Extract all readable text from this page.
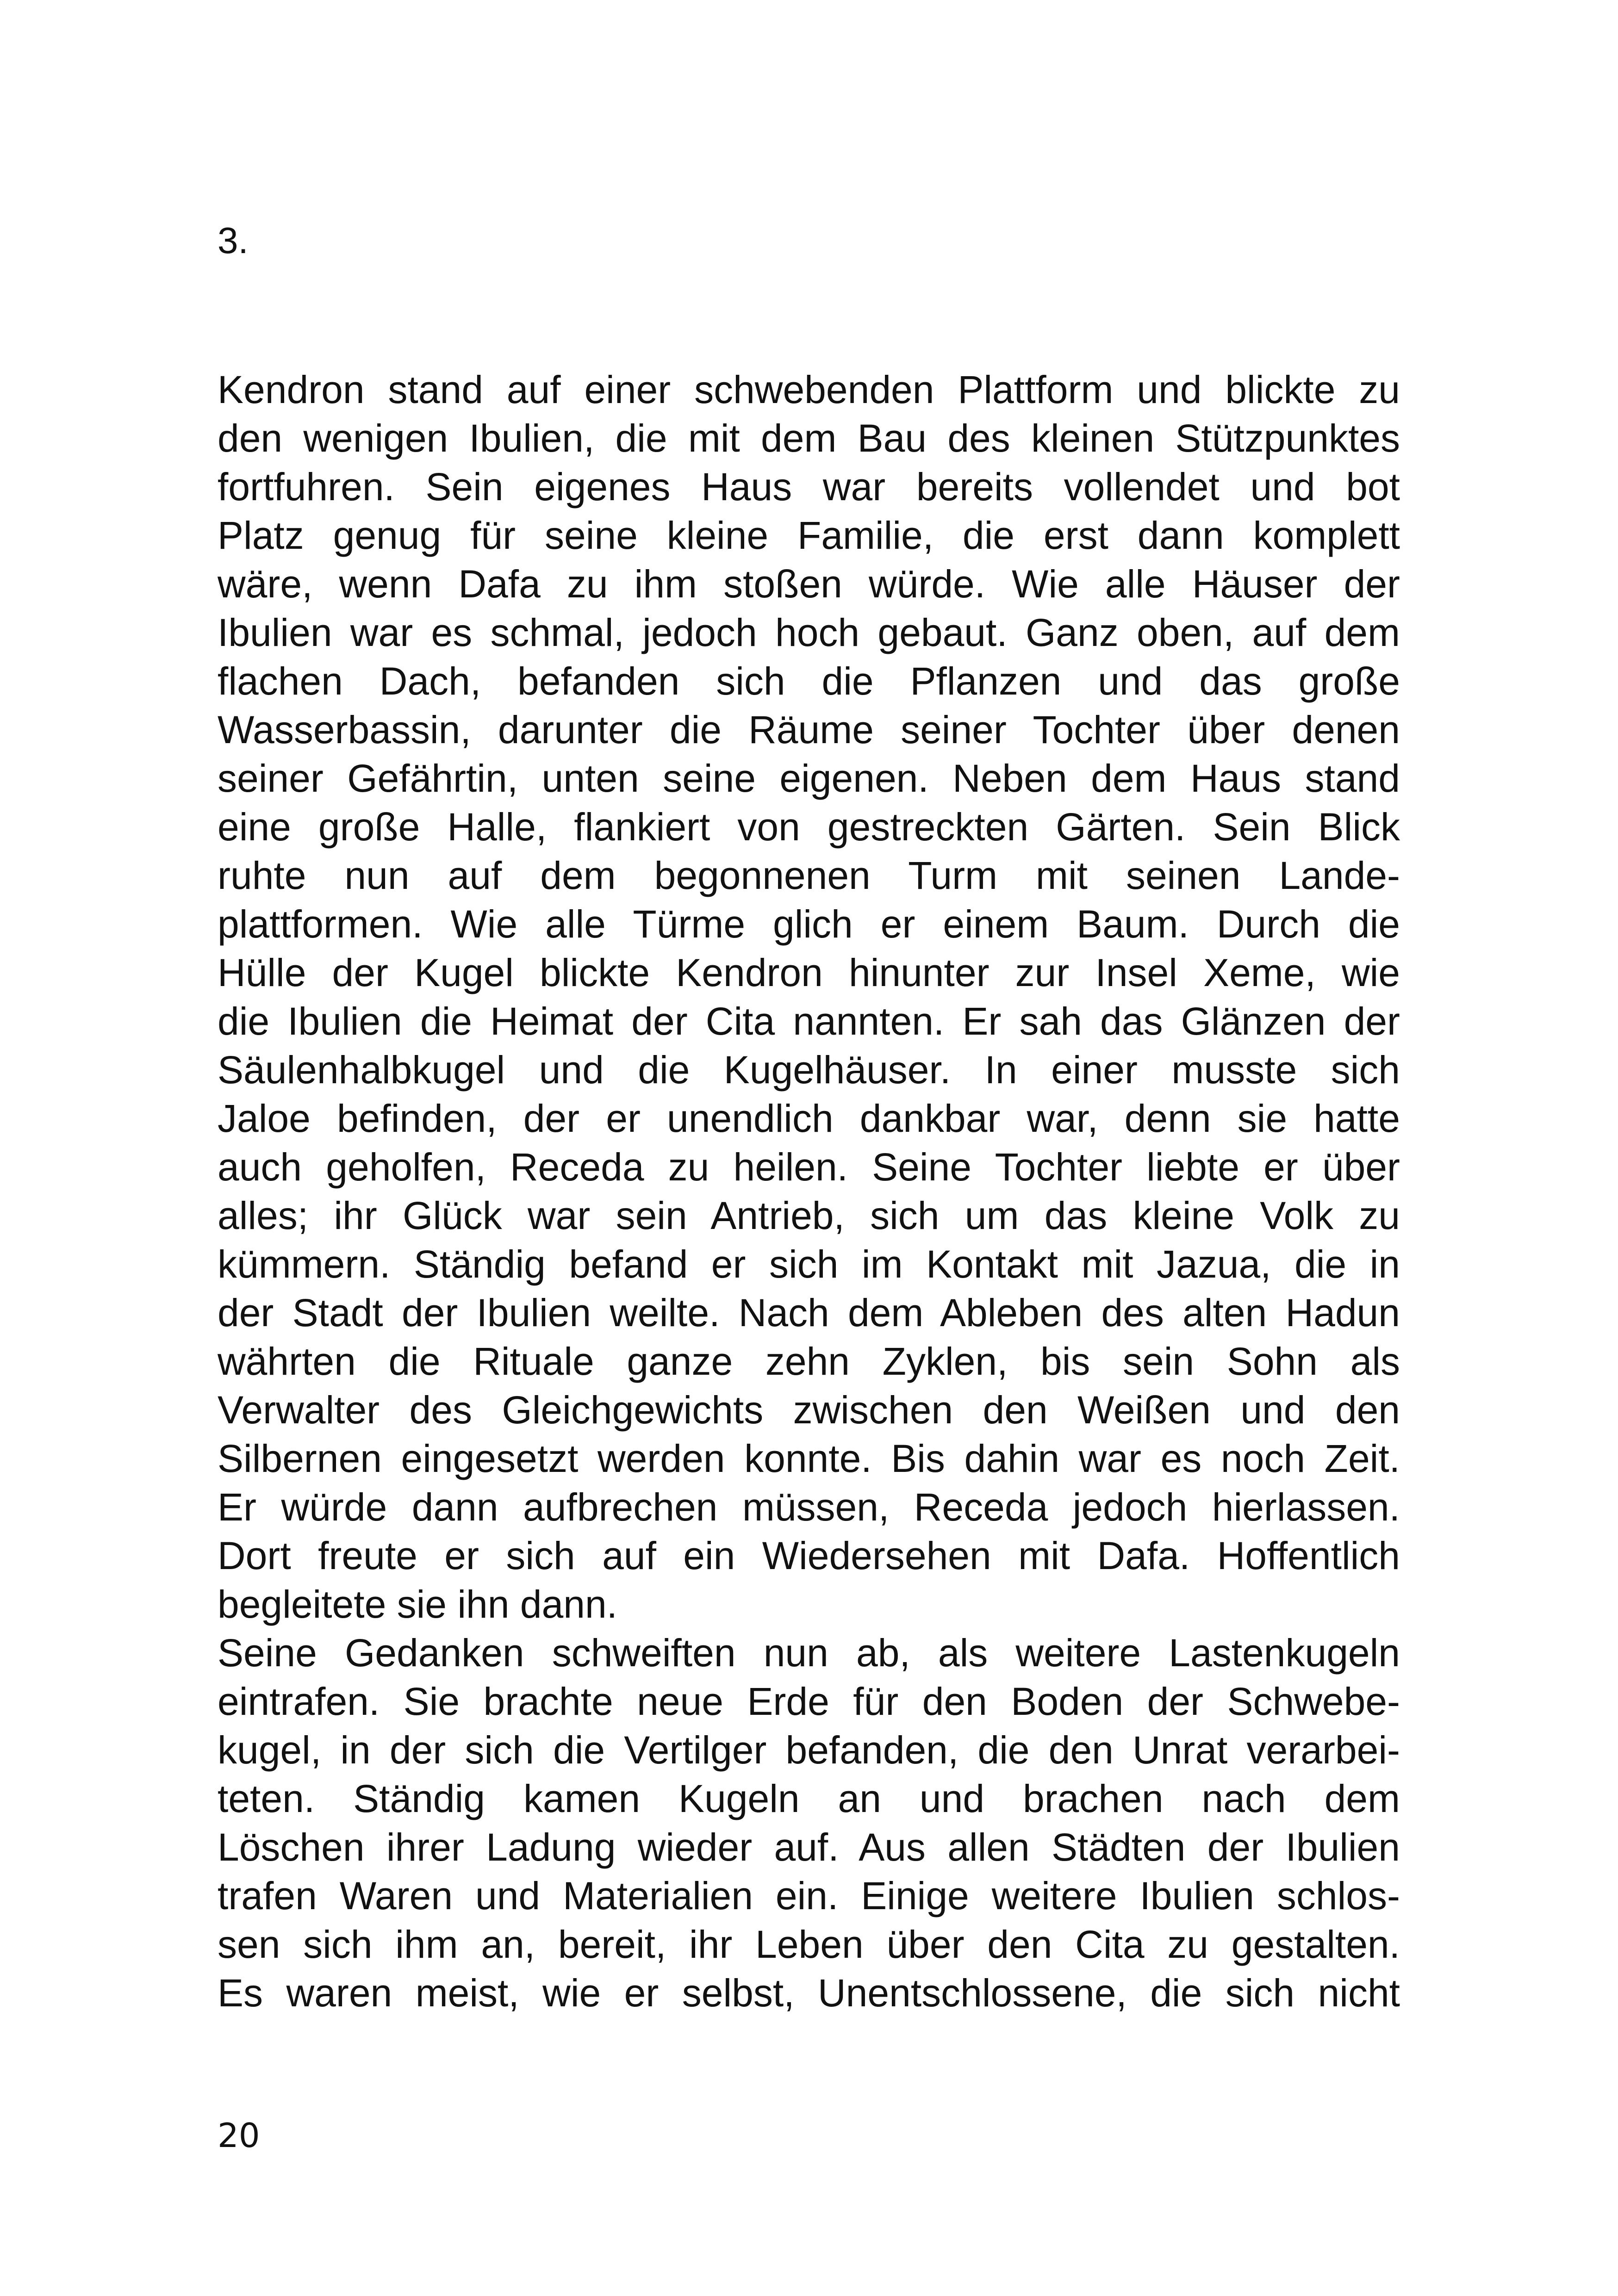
3.

Kendron stand auf einer schwebenden Plattform und blickte zu
den wenigen Ibulien, die mit dem Bau des kleinen Stützpunktes
fortfuhren. Sein eigenes Haus war bereits vollendet und bot
Platz genug für seine kleine Familie, die erst dann komplett
wäre, wenn Dafa zu ihm stoßen würde. Wie alle Häuser der
Ibulien war es schmal, jedoch hoch gebaut. Ganz oben, auf dem
flachen Dach, befanden sich die Pflanzen und das große
Wasserbassin, darunter die Räume seiner Tochter über denen
seiner Gefährtin, unten seine eigenen. Neben dem Haus stand
eine große Halle, flankiert von gestreckten Gärten. Sein Blick
ruhte nun auf dem begonnenen Turm mit seinen Lande-
plattformen. Wie alle Türme glich er einem Baum. Durch die
Hülle der Kugel blickte Kendron hinunter zur Insel Xeme, wie
die Ibulien die Heimat der Cita nannten. Er sah das Glänzen der
Säulenhalbkugel und die Kugelhäuser. In einer musste sich
Jaloe befinden, der er unendlich dankbar war, denn sie hatte
auch geholfen, Receda zu heilen. Seine Tochter liebte er über
alles; ihr Glück war sein Antrieb, sich um das kleine Volk zu
kümmern. Ständig befand er sich im Kontakt mit Jazua, die in
der Stadt der Ibulien weilte. Nach dem Ableben des alten Hadun
währten die Rituale ganze zehn Zyklen, bis sein Sohn als
Verwalter des Gleichgewichts zwischen den Weißen und den
Silbernen eingesetzt werden konnte. Bis dahin war es noch Zeit.
Er würde dann aufbrechen müssen, Receda jedoch hierlassen.
Dort freute er sich auf ein Wiedersehen mit Dafa. Hoffentlich
begleitete sie ihn dann.
Seine Gedanken schweiften nun ab, als weitere Lastenkugeln
eintrafen. Sie brachte neue Erde für den Boden der Schwebe-
kugel, in der sich die Vertilger befanden, die den Unrat verarbei-
teten. Ständig kamen Kugeln an und brachen nach dem
Löschen ihrer Ladung wieder auf. Aus allen Städten der Ibulien
trafen Waren und Materialien ein. Einige weitere Ibulien schlos-
sen sich ihm an, bereit, ihr Leben über den Cita zu gestalten.
Es waren meist, wie er selbst, Unentschlossene, die sich nicht

20
